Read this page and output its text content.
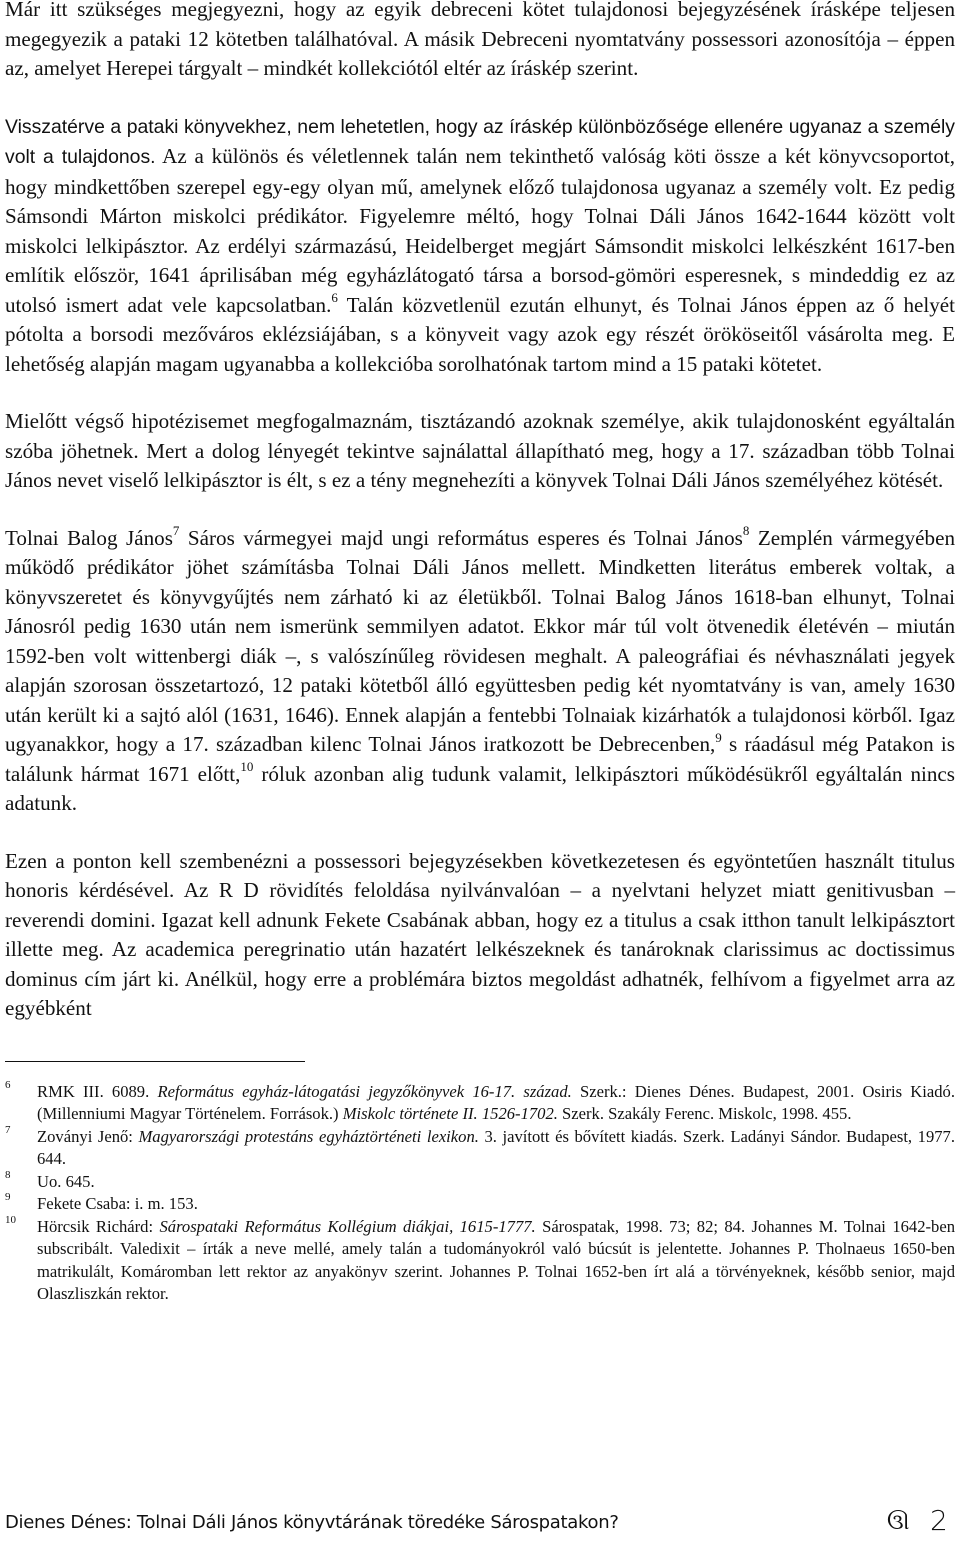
Már itt szükséges megjegyezni, hogy az egyik debreceni kötet tulajdonosi bejegyzésének írásképe teljesen megegyezik a pataki 12 kötetben találhatóval. A másik Debreceni nyomtatvány possessori azonosítója – éppen az, amelyet Herepei tárgyalt – mindkét kollekciótól eltér az íráskép szerint.

Visszatérve a pataki könyvekhez, nem lehetetlen, hogy az íráskép különbözősége ellenére ugyanaz a személy volt a tulajdonos. Az a különös és véletlennek talán nem tekinthető valóság köti össze a két könyvcsoportot, hogy mindkettőben szerepel egy-egy olyan mű, amelynek előző tulajdonosa ugyanaz a személy volt. Ez pedig Sámsondi Márton miskolci prédikátor. Figyelemre méltó, hogy Tolnai Dáli János 1642-1644 között volt miskolci lelkipásztor. Az erdélyi származású, Heidelberget megjárt Sámsondit miskolci lelkészként 1617-ben említik először, 1641 áprilisában még egyházlátogató társa a borsod-gömöri esperesnek, s mindeddig ez az utolsó ismert adat vele kapcsolatban.$^6$ Talán közvetlenül ezután elhunyt, és Tolnai János éppen az ő helyét pótolta a borsodi mezőváros eklézsiájában, s a könyveit vagy azok egy részét örököseitől vásárolta meg. E lehetőség alapján magam ugyanabba a kollekcióba sorolhatónak tartom mind a 15 pataki kötetet.

Mielőtt végső hipotézisemet megfogalmaznám, tisztázandó azoknak személye, akik tulajdonosként egyáltalán szóba jöhetnek. Mert a dolog lényegét tekintve sajnálattal állapítható meg, hogy a 17. században több Tolnai János nevet viselő lelkipásztor is élt, s ez a tény megnehezíti a könyvek Tolnai Dáli János személyéhez kötését.

Tolnai Balog János$^7$ Sáros vármegyei majd ungi református esperes és Tolnai János$^8$ Zemplén vármegyében működő prédikátor jöhet számításba Tolnai Dáli János mellett. Mindketten literátus emberek voltak, a könyvszeretet és könyvgyűjtés nem zárható ki az életükből. Tolnai Balog János 1618-ban elhunyt, Tolnai Jánosról pedig 1630 után nem ismerünk semmilyen adatot. Ekkor már túl volt ötvenedik életévén – miután 1592-ben volt wittenbergi diák –, s valószínűleg rövidesen meghalt. A paleográfiai és névhasználati jegyek alapján szorosan összetartozó, 12 pataki kötetből álló együttesben pedig két nyomtatvány is van, amely 1630 után került ki a sajtó alól (1631, 1646). Ennek alapján a fentebbi Tolnaiak kizárhatók a tulajdonosi körből. Igaz ugyanakkor, hogy a 17. században kilenc Tolnai János iratkozott be Debrecenben,$^9$ s ráadásul még Patakon is találunk hármat 1671 előtt,$^{10}$ róluk azonban alig tudunk valamit, lelkipásztori működésükről egyáltalán nincs adatunk.

Ezen a ponton kell szembenézni a possessori bejegyzésekben következetesen és egyöntetűen használt titulus honoris kérdésével. Az R D rövidítés feloldása nyilvánvalóan – a nyelvtani helyzet miatt genitivusban – reverendi domini. Igazat kell adnunk Fekete Csabának abban, hogy ez a titulus a csak itthon tanult lelkipásztort illette meg. Az academica peregrinatio után hazatért lelkészeknek és tanároknak clarissimus ac doctissimus dominus cím járt ki. Anélkül, hogy erre a problémára biztos megoldást adhatnék, felhívom a figyelmet arra az egyébként

$^6$ RMK III. 6089. Református egyház-látogatási jegyzőkönyvek 16-17. század. Szerk.: Dienes Dénes. Budapest, 2001. Osiris Kiadó. (Millenniumi Magyar Történelem. Források.) Miskolc története II. 1526-1702. Szerk. Szakály Ferenc. Miskolc, 1998. 455.

$^7$ Zoványi Jenő: Magyarországi protestáns egyháztörténeti lexikon. 3. javított és bővített kiadás. Szerk. Ladányi Sándor. Budapest, 1977. 644.

$^8$ Uo. 645.

$^9$ Fekete Csaba: i. m. 153.

$^{10}$ Hörcsik Richárd: Sárospataki Református Kollégium diákjai, 1615-1777. Sárospatak, 1998. 73; 82; 84. Johannes M. Tolnai 1642-ben subscribált. Valedixit – írták a neve mellé, amely talán a tudományokról való búcsút is jelentette. Johannes P. Tholnaeus 1650-ben matrikulált, Komáromban lett rektor az anyakönyv szerint. Johannes P. Tolnai 1652-ben írt alá a törvényeknek, később senior, majd Olaszliszkán rektor.

Dienes Dénes: Tolnai Dáli János könyvtárának töredéke Sárospatakon?	ઊ 2
